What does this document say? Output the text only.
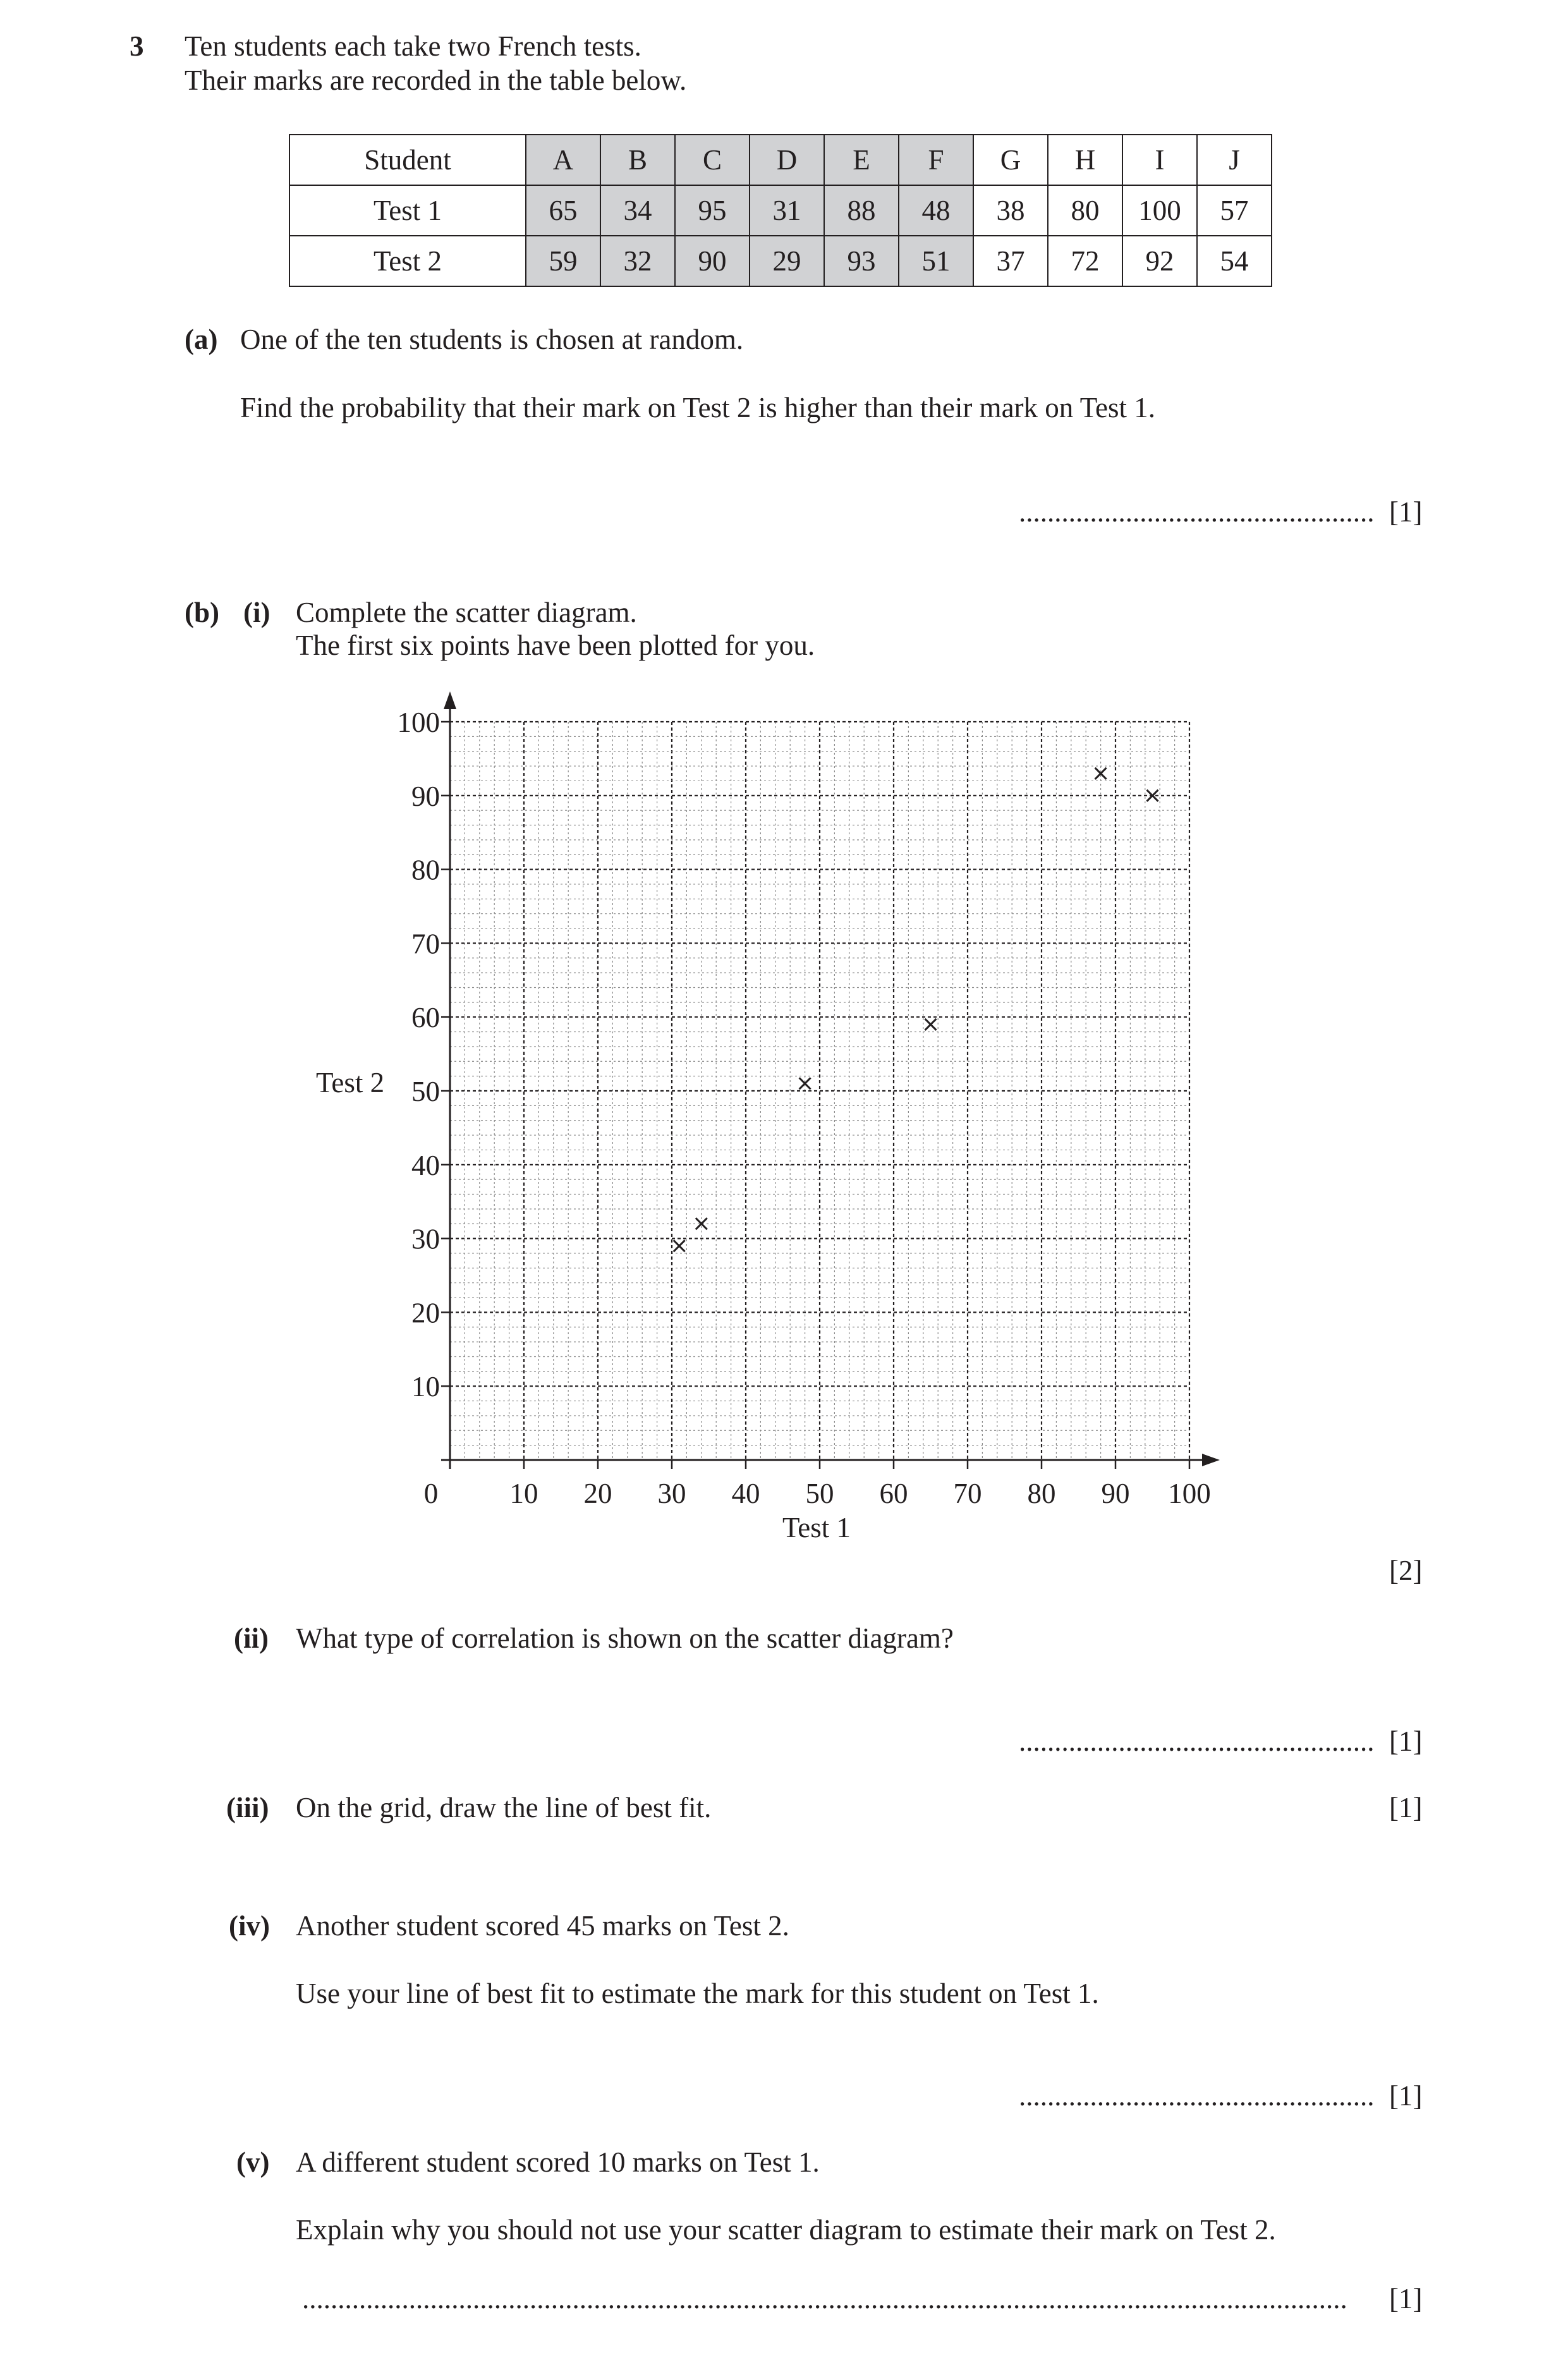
3 Ten students each take two French tests.
Their marks are recorded in the table below.
Student	A	B	C	D	E	F	G	H	I	J
Test 1	65	34	95	31	88	48	38	80	100	57
Test 2	59	32	90	29	93	51	37	72	92	54
(a) One of the ten students is chosen at random.
Find the probability that their mark on Test 2 is higher than their mark on Test 1.
.................................................. [1]
(b) (i) Complete the scatter diagram.
The first six points have been plotted for you.
10 20 30 40 50 60 70 80 90 100
10
20
30
40
50
60
70
80
90
100
0
Test 1
Test 2
[2]
(ii) What type of correlation is shown on the scatter diagram?
.................................................. [1]
(iii) On the grid, draw the line of best fit.	[1]
(iv) Another student scored 45 marks on Test 2.
Use your line of best fit to estimate the mark for this student on Test 1.
.................................................. [1]
(v) A different student scored 10 marks on Test 1.
Explain why you should not use your scatter diagram to estimate their mark on Test 2.
...................................................................................................................................................	[1]
